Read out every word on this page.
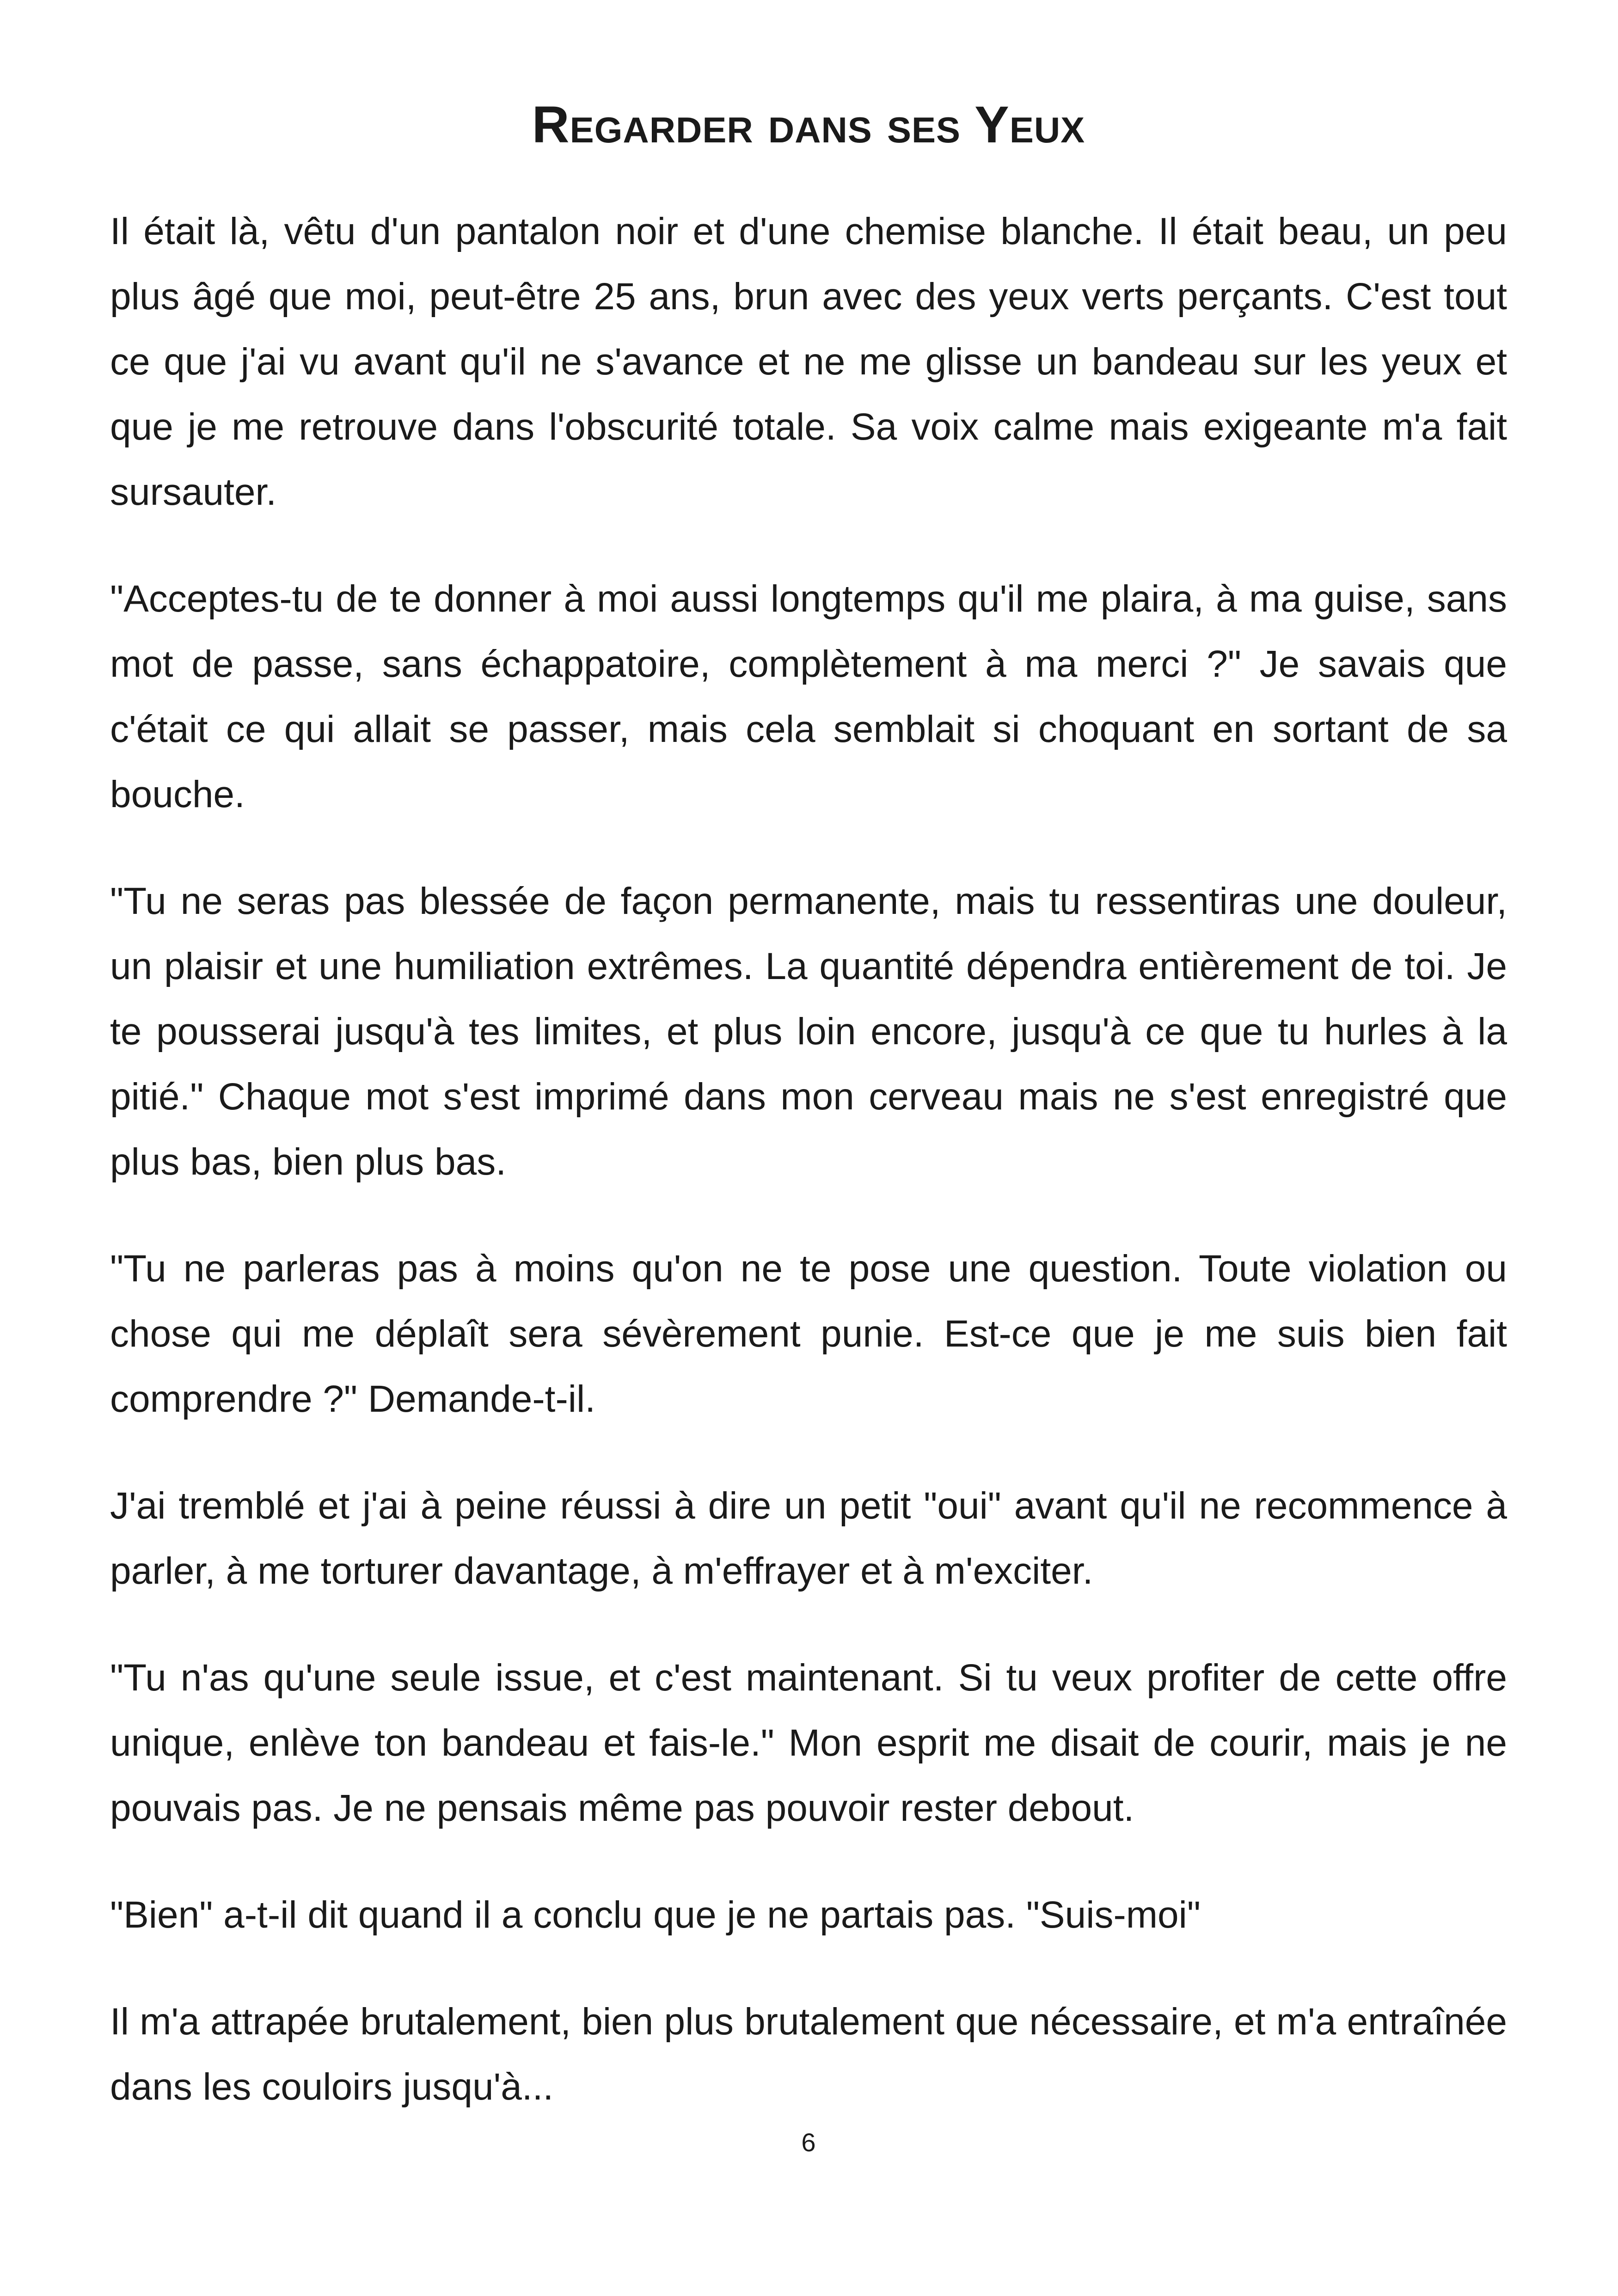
Regarder dans ses Yeux

Il était là, vêtu d'un pantalon noir et d'une chemise blanche. Il était beau, un peu plus âgé que moi, peut-être 25 ans, brun avec des yeux verts perçants. C'est tout ce que j'ai vu avant qu'il ne s'avance et ne me glisse un bandeau sur les yeux et que je me retrouve dans l'obscurité totale. Sa voix calme mais exigeante m'a fait sursauter.

"Acceptes-tu de te donner à moi aussi longtemps qu'il me plaira, à ma guise, sans mot de passe, sans échappatoire, complètement à ma merci ?" Je savais que c'était ce qui allait se passer, mais cela semblait si choquant en sortant de sa bouche.

"Tu ne seras pas blessée de façon permanente, mais tu ressentiras une douleur, un plaisir et une humiliation extrêmes. La quantité dépendra entièrement de toi. Je te pousserai jusqu'à tes limites, et plus loin encore, jusqu'à ce que tu hurles à la pitié." Chaque mot s'est imprimé dans mon cerveau mais ne s'est enregistré que plus bas, bien plus bas.

"Tu ne parleras pas à moins qu'on ne te pose une question. Toute violation ou chose qui me déplaît sera sévèrement punie. Est-ce que je me suis bien fait comprendre ?" Demande-t-il.

J'ai tremblé et j'ai à peine réussi à dire un petit "oui" avant qu'il ne recommence à parler, à me torturer davantage, à m'effrayer et à m'exciter.

"Tu n'as qu'une seule issue, et c'est maintenant. Si tu veux profiter de cette offre unique, enlève ton bandeau et fais-le." Mon esprit me disait de courir, mais je ne pouvais pas. Je ne pensais même pas pouvoir rester debout.

"Bien" a-t-il dit quand il a conclu que je ne partais pas. "Suis-moi"

Il m'a attrapée brutalement, bien plus brutalement que nécessaire, et m'a entraînée dans les couloirs jusqu'à...

6
